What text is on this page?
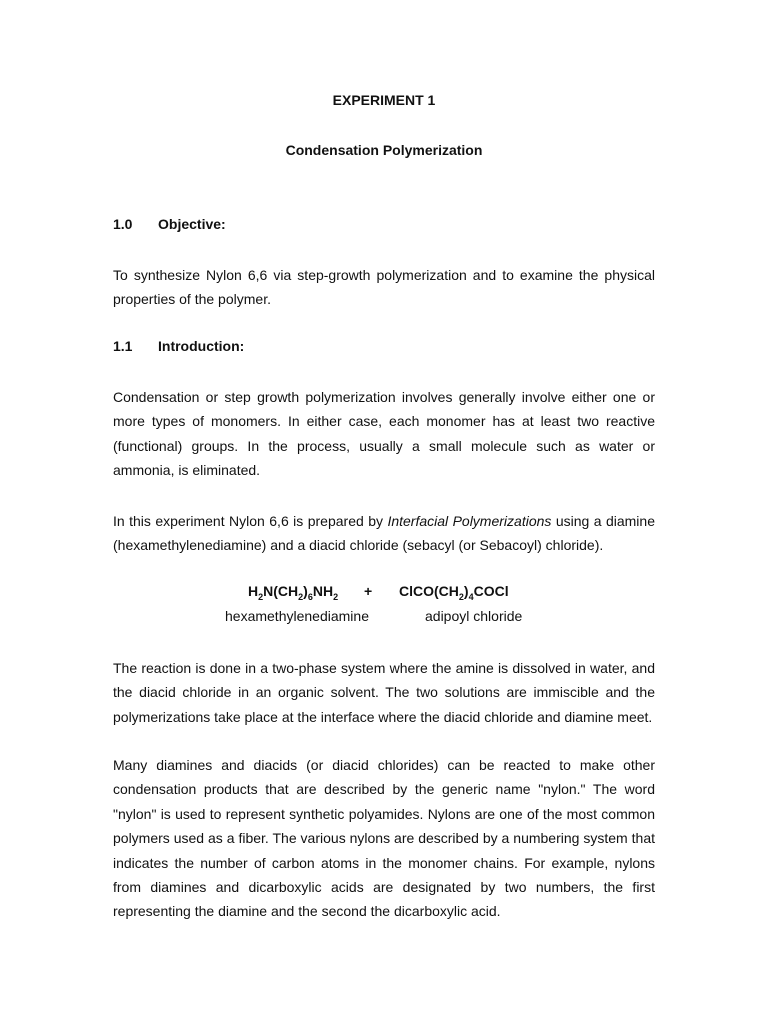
EXPERIMENT 1
Condensation Polymerization
1.0 Objective:
To synthesize Nylon 6,6 via step-growth polymerization and to examine the physical properties of the polymer.
1.1 Introduction:
Condensation or step growth polymerization involves generally involve either one or more types of monomers. In either case, each monomer has at least two reactive (functional) groups. In the process, usually a small molecule such as water or ammonia, is eliminated.
In this experiment Nylon 6,6 is prepared by Interfacial Polymerizations using a diamine (hexamethylenediamine) and a diacid chloride (sebacyl (or Sebacoyl) chloride).
$H_2N(CH_2)_6NH_2$ + $ClCO(CH_2)_4COCl$
hexamethylenediamine	adipoyl chloride
The reaction is done in a two-phase system where the amine is dissolved in water, and the diacid chloride in an organic solvent. The two solutions are immiscible and the polymerizations take place at the interface where the diacid chloride and diamine meet.
Many diamines and diacids (or diacid chlorides) can be reacted to make other condensation products that are described by the generic name "nylon." The word "nylon" is used to represent synthetic polyamides. Nylons are one of the most common polymers used as a fiber. The various nylons are described by a numbering system that indicates the number of carbon atoms in the monomer chains. For example, nylons from diamines and dicarboxylic acids are designated by two numbers, the first representing the diamine and the second the dicarboxylic acid.
